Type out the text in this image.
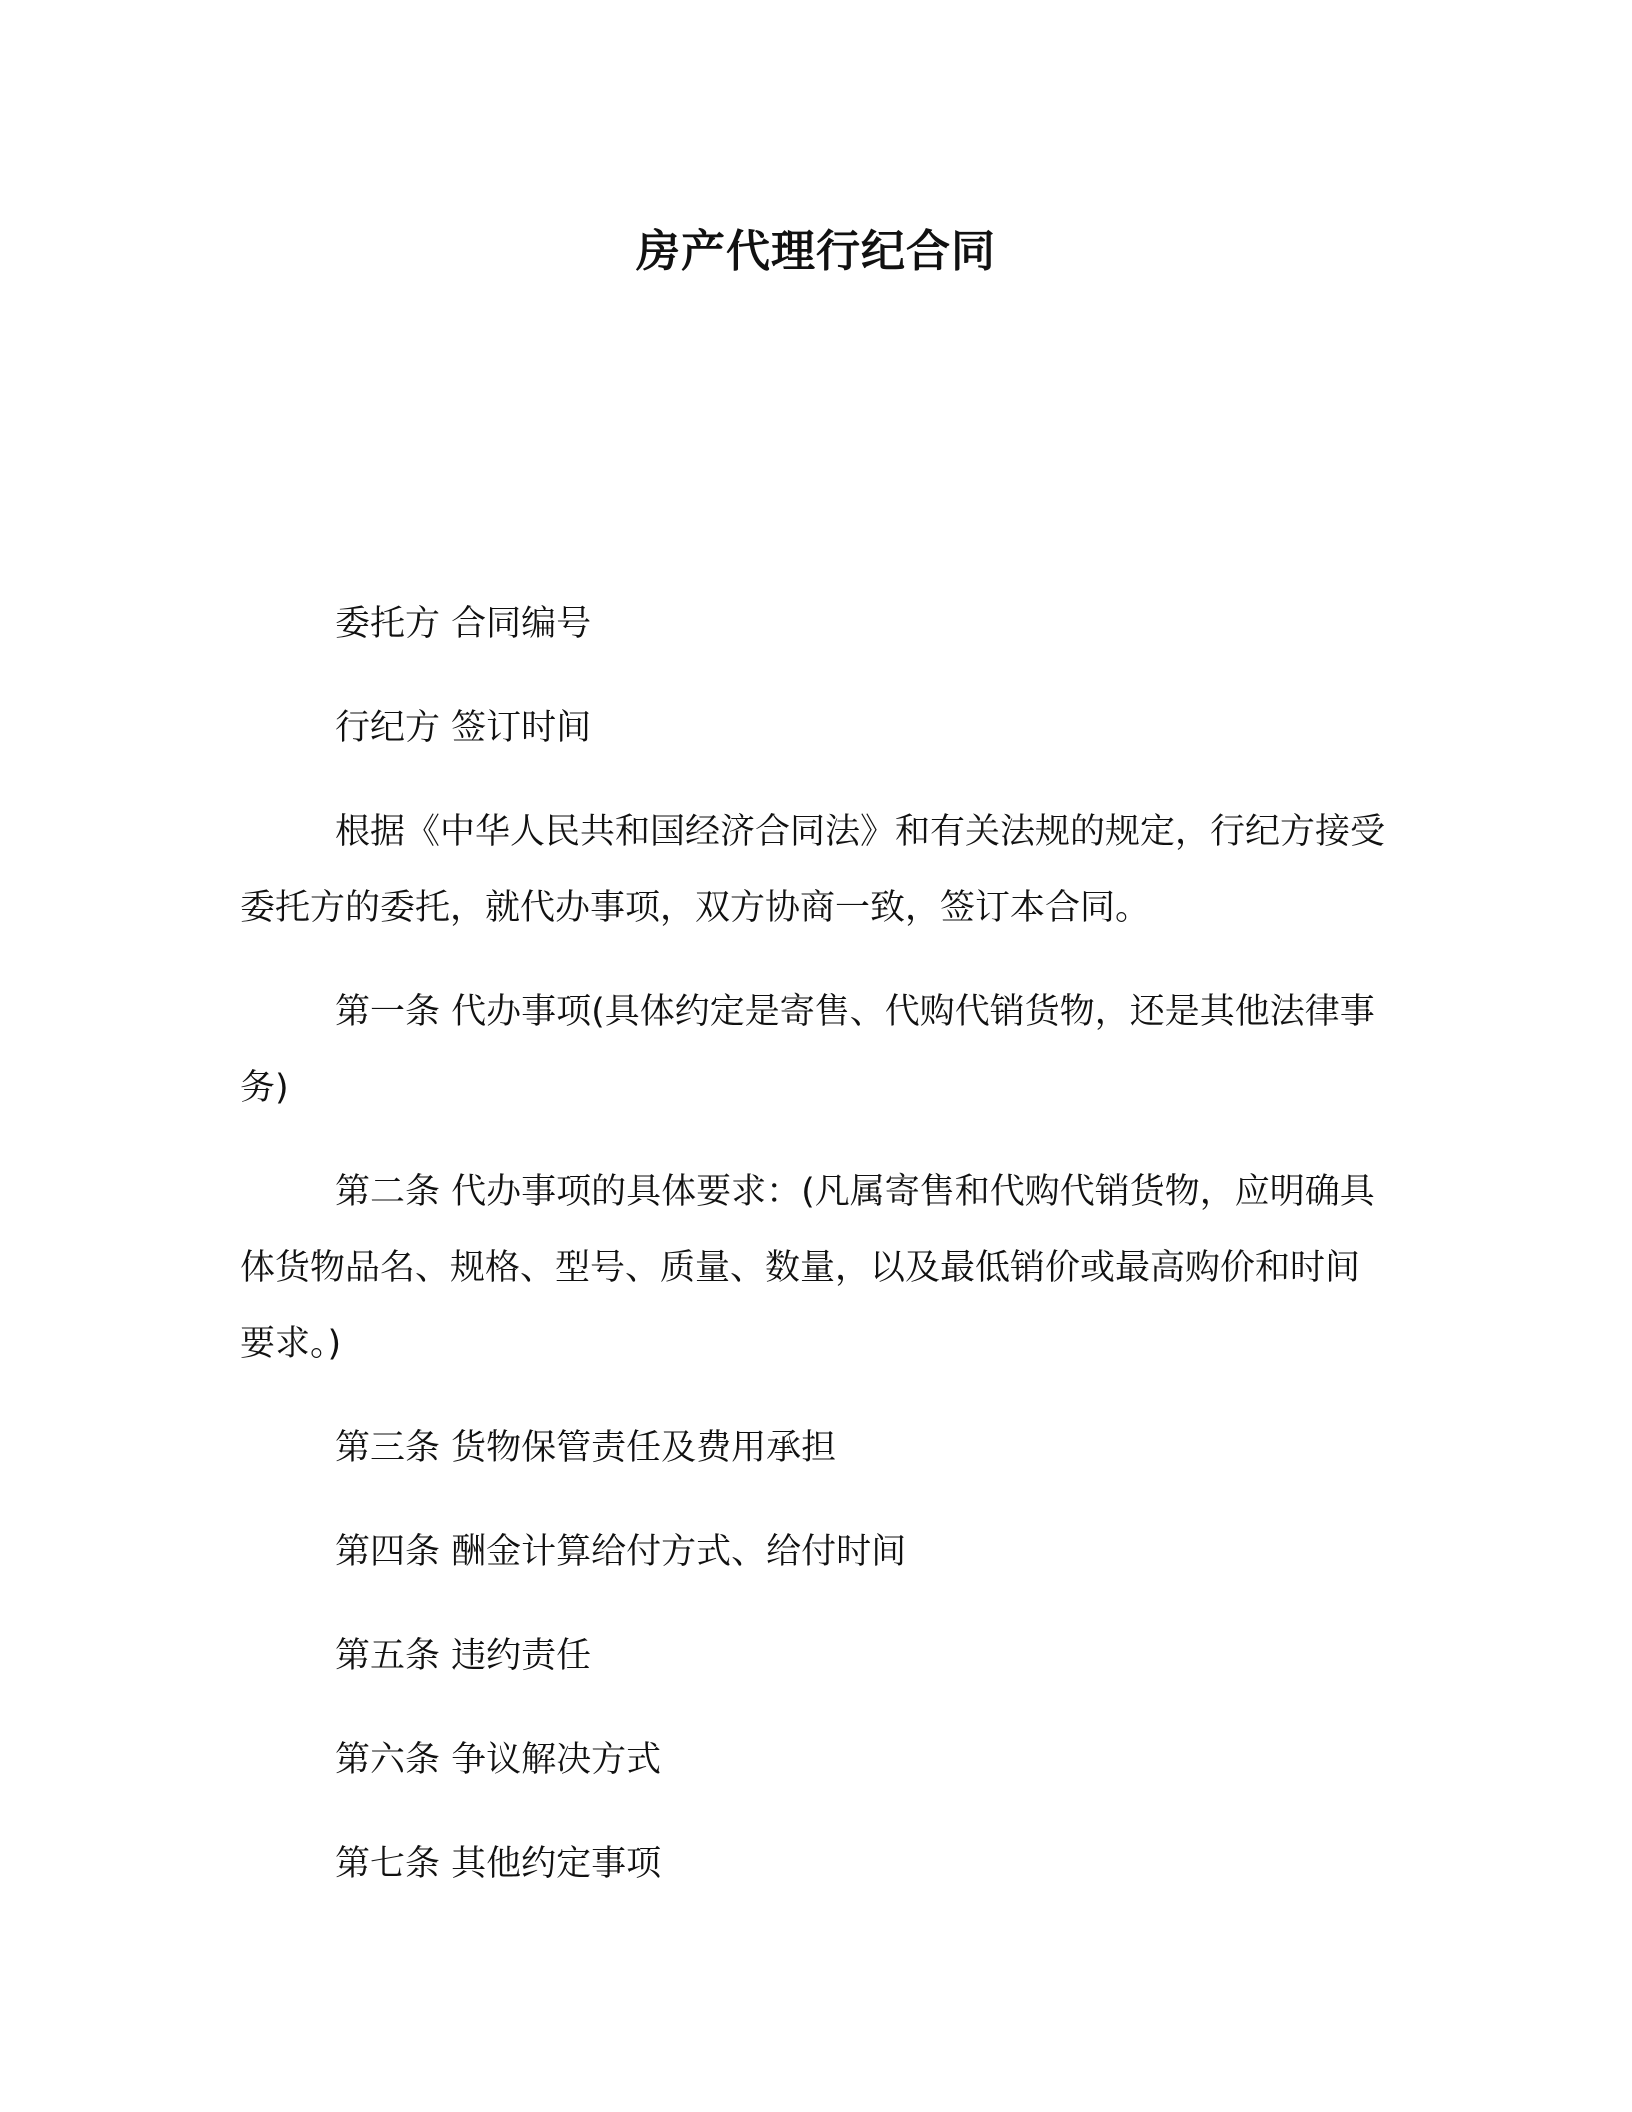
房产代理行纪合同

委托方 合同编号

行纪方 签订时间

根据《中华人民共和国经济合同法》和有关法规的规定，行纪方接受委托方的委托，就代办事项，双方协商一致，签订本合同。

第一条 代办事项(具体约定是寄售、代购代销货物，还是其他法律事务)

第二条 代办事项的具体要求：(凡属寄售和代购代销货物，应明确具体货物品名、规格、型号、质量、数量，以及最低销价或最高购价和时间要求。)

第三条 货物保管责任及费用承担

第四条 酬金计算给付方式、给付时间

第五条 违约责任

第六条 争议解决方式

第七条 其他约定事项
